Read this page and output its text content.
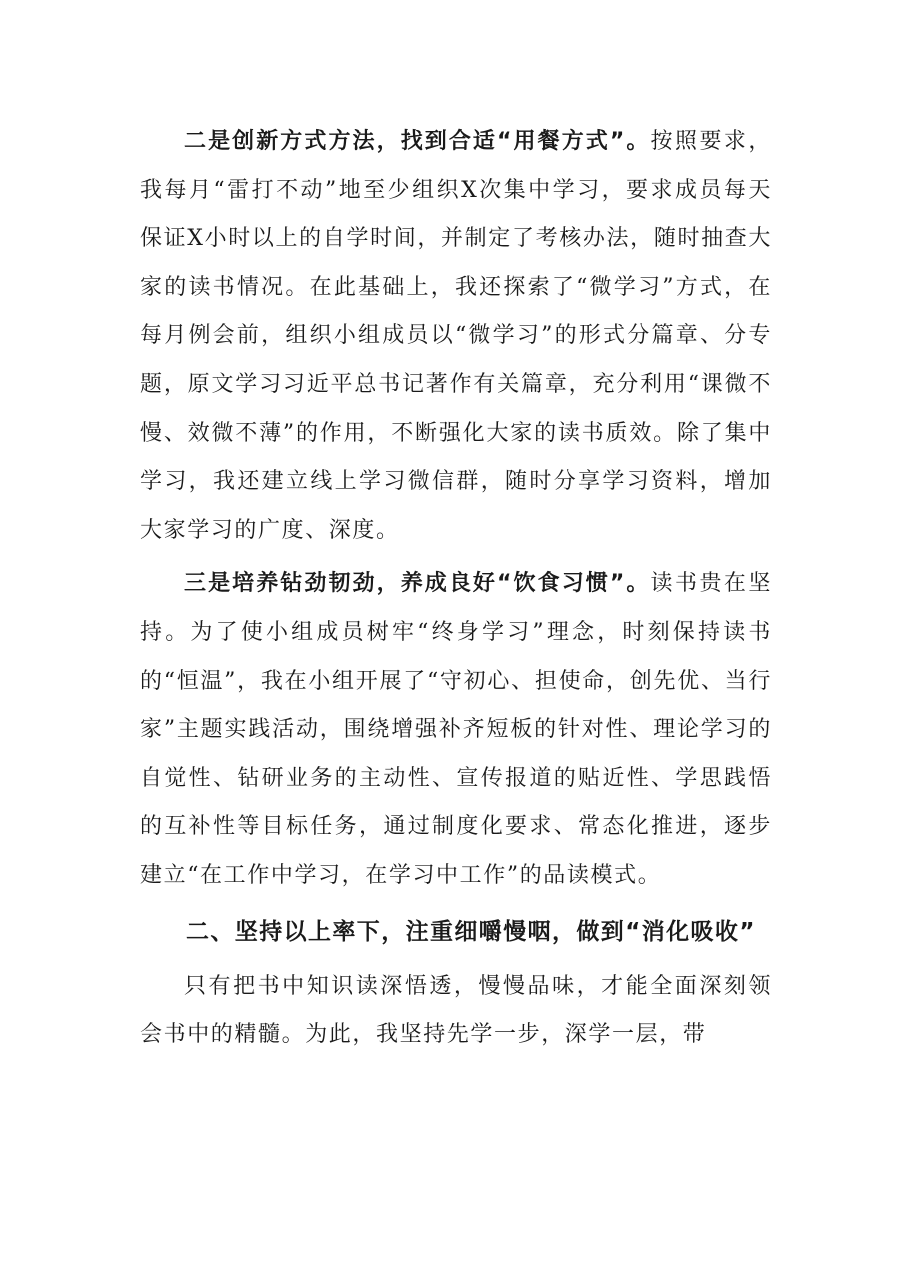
二是创新方式方法，找到合适“用餐方式”。按照要求，我每月“雷打不动”地至少组织X次集中学习，要求成员每天保证X小时以上的自学时间，并制定了考核办法，随时抽查大家的读书情况。在此基础上，我还探索了“微学习”方式，在每月例会前，组织小组成员以“微学习”的形式分篇章、分专题，原文学习习近平总书记著作有关篇章，充分利用“课微不慢、效微不薄”的作用，不断强化大家的读书质效。除了集中学习，我还建立线上学习微信群，随时分享学习资料，增加大家学习的广度、深度。

三是培养钻劲韧劲，养成良好“饮食习惯”。读书贵在坚持。为了使小组成员树牢“终身学习”理念，时刻保持读书的“恒温”，我在小组开展了“守初心、担使命，创先优、当行家”主题实践活动，围绕增强补齐短板的针对性、理论学习的自觉性、钻研业务的主动性、宣传报道的贴近性、学思践悟的互补性等目标任务，通过制度化要求、常态化推进，逐步建立“在工作中学习，在学习中工作”的品读模式。

二、坚持以上率下，注重细嚼慢咽，做到“消化吸收”

只有把书中知识读深悟透，慢慢品味，才能全面深刻领会书中的精髓。为此，我坚持先学一步，深学一层，带
